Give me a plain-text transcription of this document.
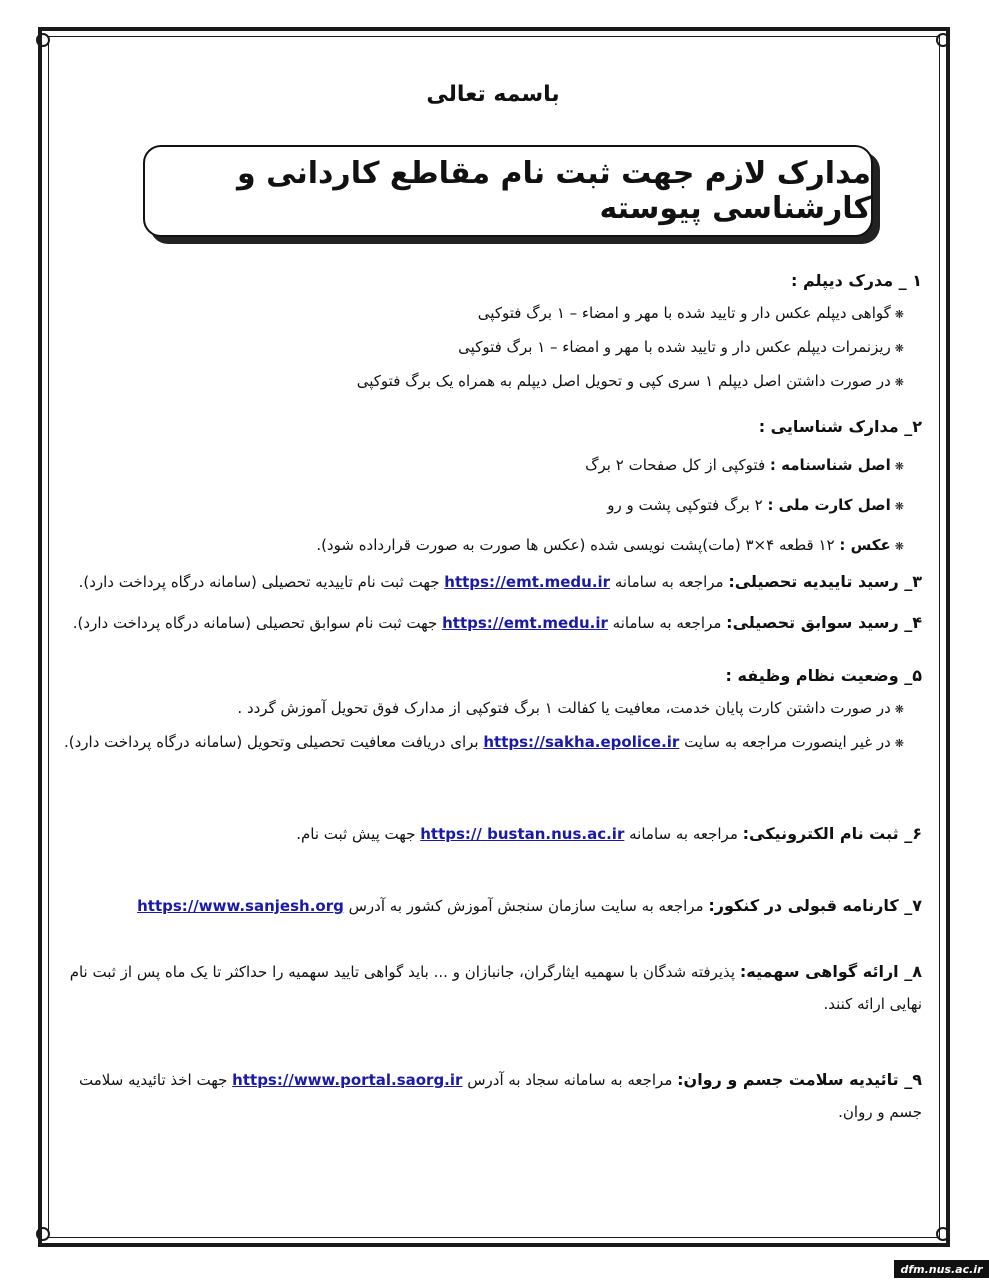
باسمه تعالی
مدارک لازم جهت ثبت نام مقاطع کاردانی و کارشناسی پیوسته
۱ _ مدرک دیپلم :
❋گواهی دیپلم عکس دار و تایید شده با مهر و امضاء – ۱ برگ فتوکپی
❋ریزنمرات دیپلم عکس دار و تایید شده با مهر و امضاء – ۱ برگ فتوکپی
❋در صورت داشتن اصل دیپلم ۱ سری کپی و تحویل اصل دیپلم به همراه یک برگ فتوکپی
۲_ مدارک شناسایی :
❋اصل شناسنامه : فتوکپی از کل صفحات ۲ برگ
❋اصل کارت ملی : ۲ برگ فتوکپی پشت و رو
❋عکس : ۱۲ قطعه ۴×۳ (مات)پشت نویسی شده (عکس ها صورت به صورت قرارداده شود).
۳_ رسید تاییدیه تحصیلی: مراجعه به سامانه https://emt.medu.ir جهت ثبت نام تاییدیه تحصیلی (سامانه درگاه پرداخت دارد).
۴_ رسید سوابق تحصیلی: مراجعه به سامانه https://emt.medu.ir جهت ثبت نام سوابق تحصیلی (سامانه درگاه پرداخت دارد).
۵_ وضعیت نظام وظیفه :
❋در صورت داشتن کارت پایان خدمت، معافیت یا کفالت ۱ برگ فتوکپی از مدارک فوق تحویل آموزش گردد .
❋در غیر اینصورت مراجعه به سایت https://sakha.epolice.ir برای دریافت معافیت تحصیلی وتحویل (سامانه درگاه پرداخت دارد).
۶_ ثبت نام الکترونیکی: مراجعه به سامانه https:// bustan.nus.ac.ir جهت پیش ثبت نام.
۷_ کارنامه قبولی در کنکور: مراجعه به سایت سازمان سنجش آموزش کشور به آدرس https://www.sanjesh.org
۸_ ارائه گواهی سهمیه: پذیرفته شدگان با سهمیه ایثارگران، جانبازان و ... باید گواهی تایید سهمیه را حداکثر تا یک ماه پس از ثبت نام نهایی ارائه کنند.
۹_ تائیدیه سلامت جسم و روان: مراجعه به سامانه سجاد به آدرس https://www.portal.saorg.ir جهت اخذ تائیدیه سلامت جسم و روان.
dfm.nus.ac.ir
